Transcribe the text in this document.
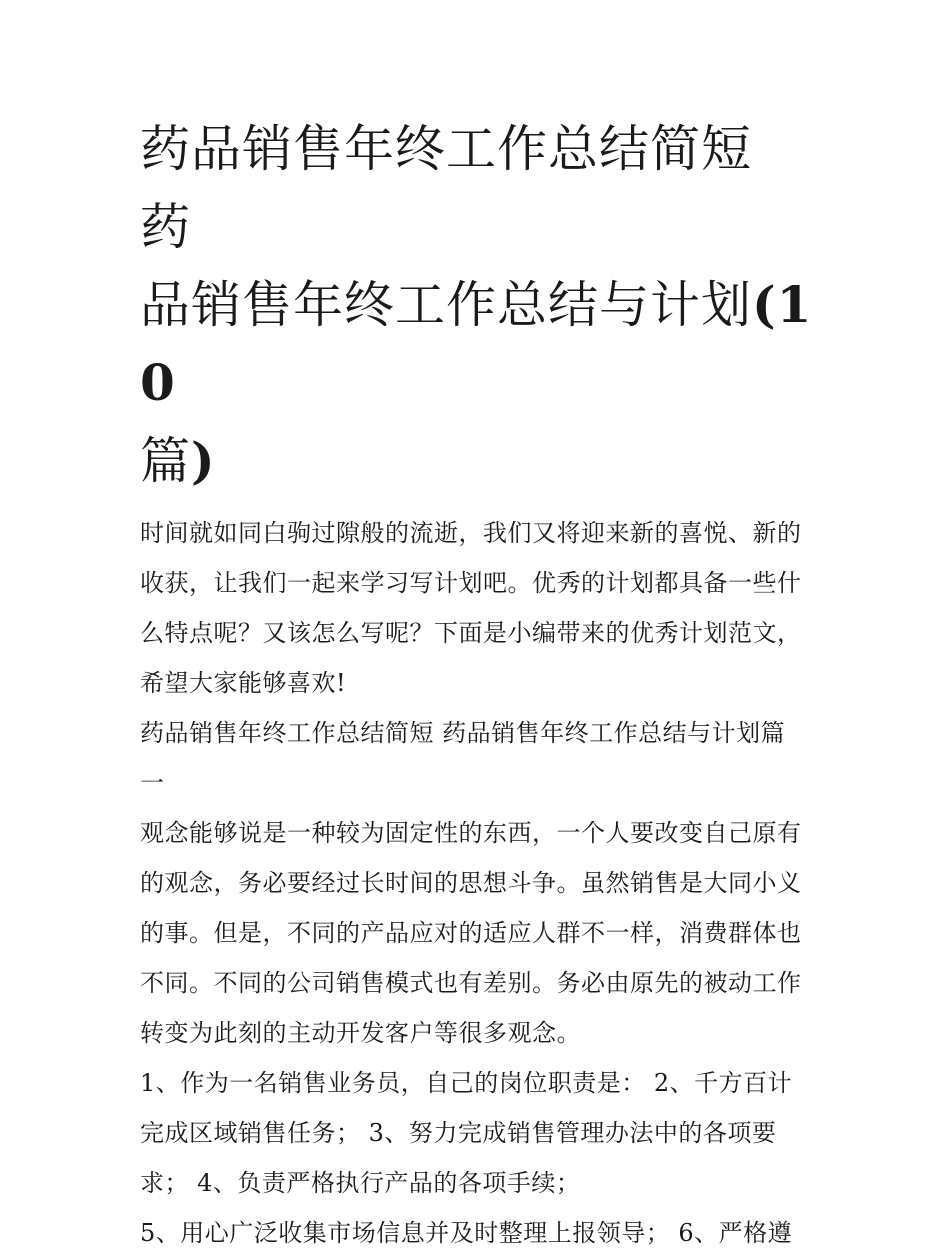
药品销售年终工作总结简短 药
品销售年终工作总结与计划(10
篇)

时间就如同白驹过隙般的流逝，我们又将迎来新的喜悦、新的
收获，让我们一起来学习写计划吧。优秀的计划都具备一些什
么特点呢？又该怎么写呢？下面是小编带来的优秀计划范文，
希望大家能够喜欢!

药品销售年终工作总结简短 药品销售年终工作总结与计划篇
一

观念能够说是一种较为固定性的东西，一个人要改变自己原有
的观念，务必要经过长时间的思想斗争。虽然销售是大同小义
的事。但是，不同的产品应对的适应人群不一样，消费群体也
不同。不同的公司销售模式也有差别。务必由原先的被动工作
转变为此刻的主动开发客户等很多观念。

1、作为一名销售业务员，自己的岗位职责是： 2、千方百计
完成区域销售任务； 3、努力完成销售管理办法中的各项要
求； 4、负责严格执行产品的各项手续；

5、用心广泛收集市场信息并及时整理上报领导； 6、严格遵
